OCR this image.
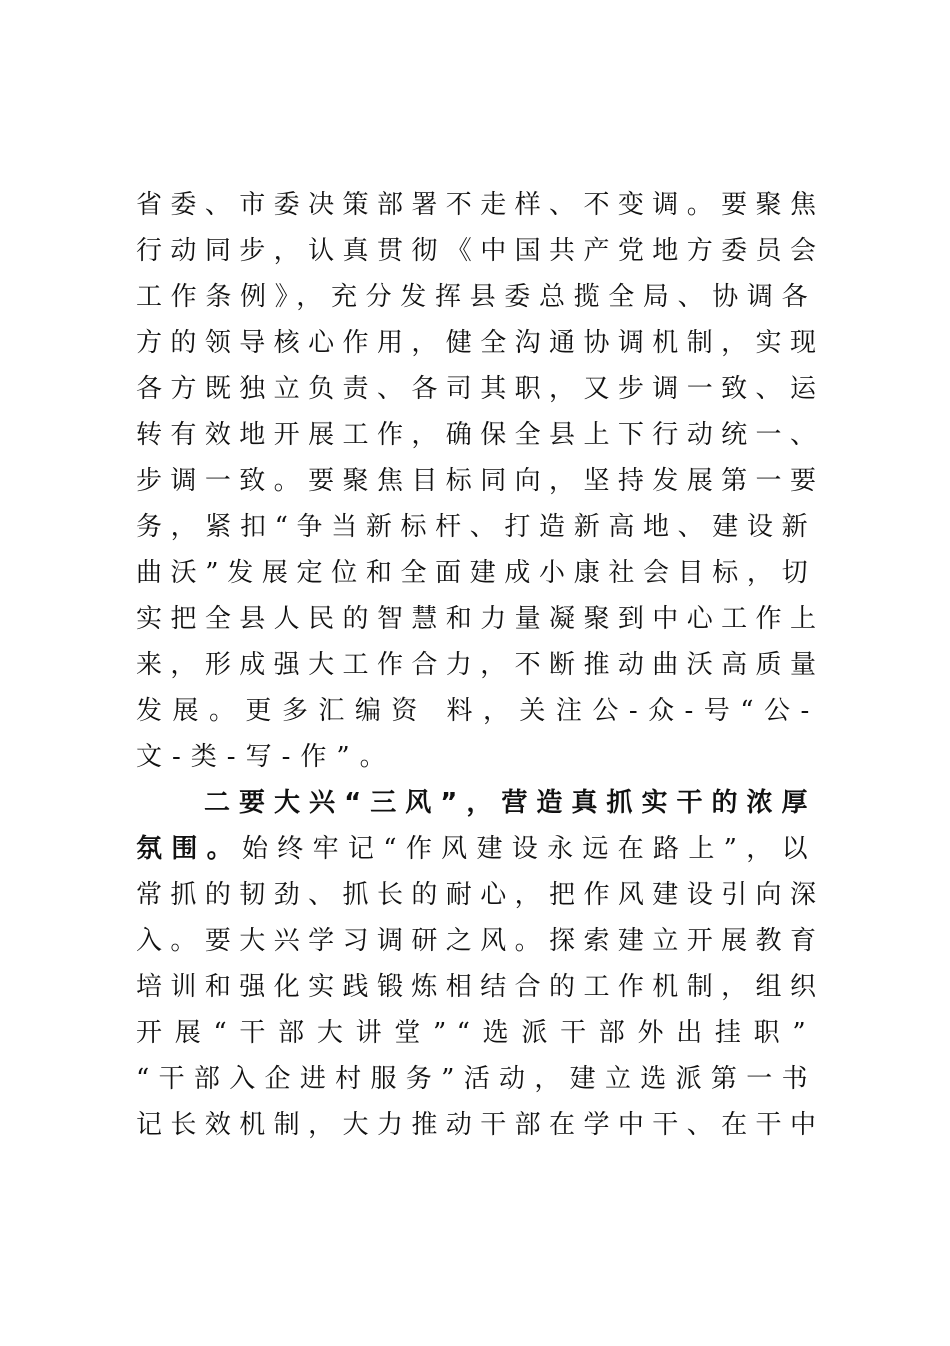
省委、市委决策部署不走样、不变调。要聚焦
行动同步，认真贯彻《中国共产党地方委员会
工作条例》，充分发挥县委总揽全局、协调各
方的领导核心作用，健全沟通协调机制，实现
各方既独立负责、各司其职，又步调一致、运
转有效地开展工作，确保全县上下行动统一、
步调一致。要聚焦目标同向，坚持发展第一要
务，紧扣“争当新标杆、打造新高地、建设新
曲沃”发展定位和全面建成小康社会目标，切
实把全县人民的智慧和力量凝聚到中心工作上
来，形成强大工作合力，不断推动曲沃高质量
发展。更多汇编资 料，关注公-众-号“公-
文-类-写-作”。
二要大兴“三风”，营造真抓实干的浓厚
氛围。始终牢记“作风建设永远在路上”，以
常抓的韧劲、抓长的耐心，把作风建设引向深
入。要大兴学习调研之风。探索建立开展教育
培训和强化实践锻炼相结合的工作机制，组织
开展“干部大讲堂”“选派干部外出挂职”
“干部入企进村服务”活动，建立选派第一书
记长效机制，大力推动干部在学中干、在干中
